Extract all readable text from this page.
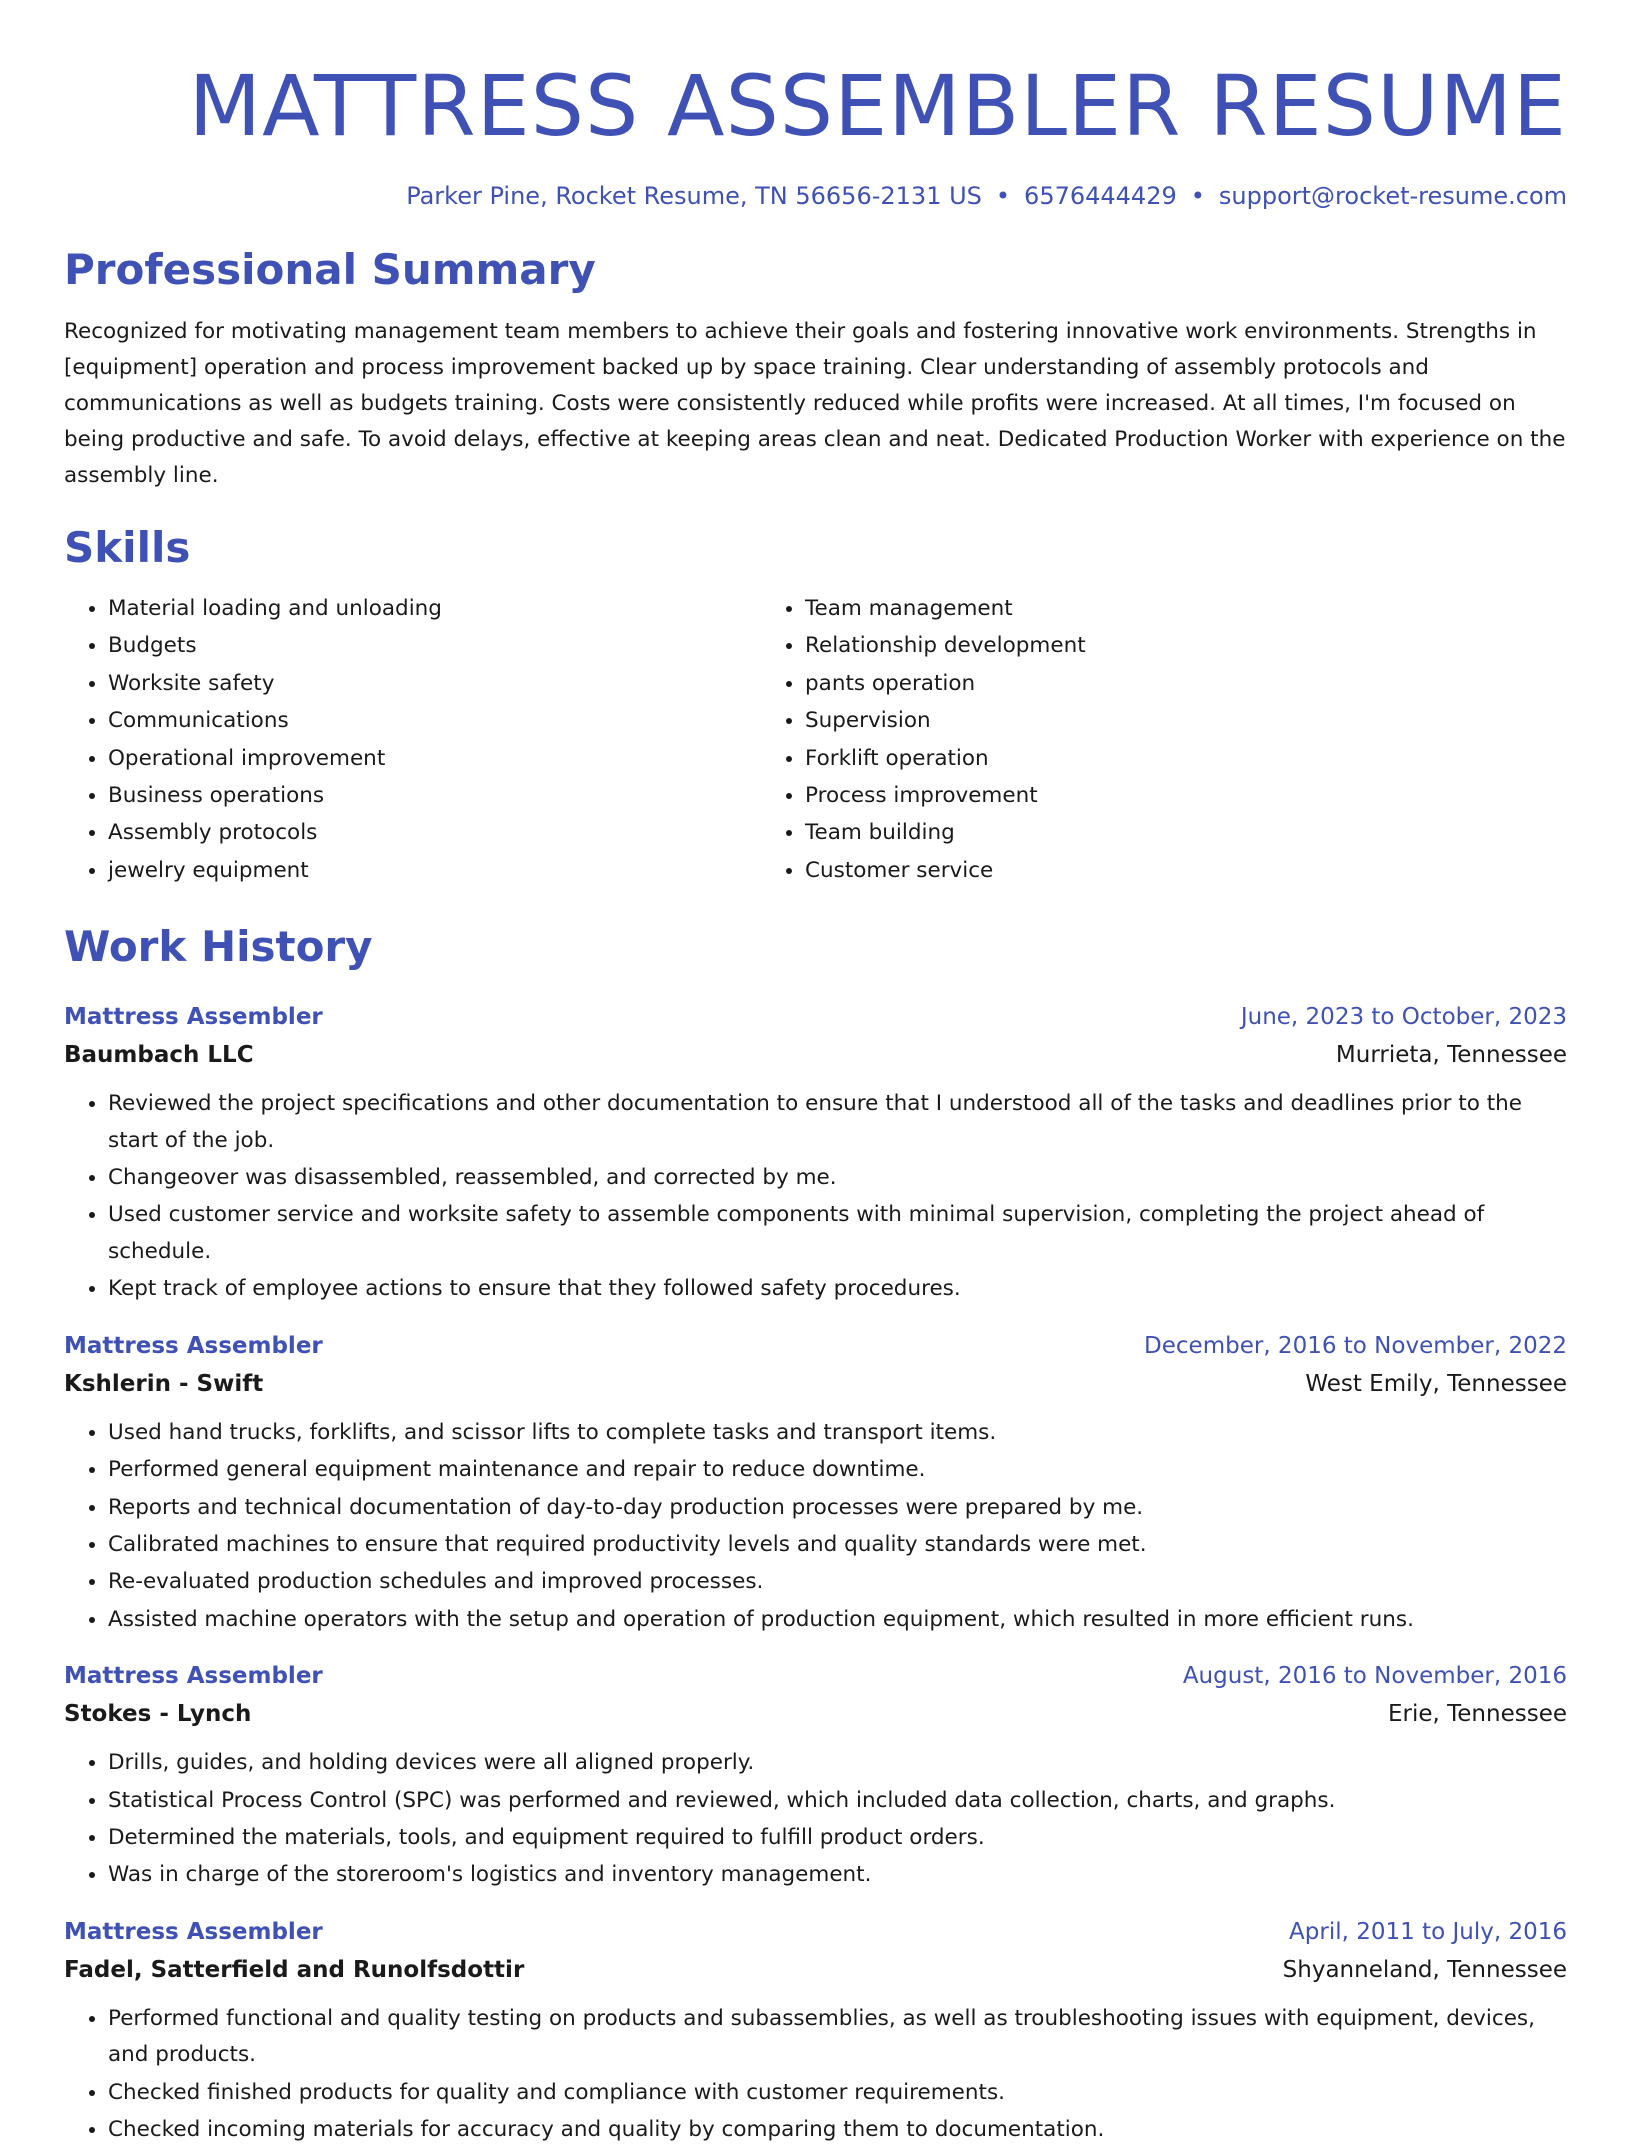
MATTRESS ASSEMBLER RESUME
Parker Pine, Rocket Resume, TN 56656-2131 US • 6576444429 • support@rocket-resume.com
Professional Summary

Recognized for motivating management team members to achieve their goals and fostering innovative work environments. Strengths in [equipment] operation and process improvement backed up by space training. Clear understanding of assembly protocols and communications as well as budgets training. Costs were consistently reduced while profits were increased. At all times, I'm focused on being productive and safe. To avoid delays, effective at keeping areas clean and neat. Dedicated Production Worker with experience on the assembly line.

Skills
• Material loading and unloading
• Budgets
• Worksite safety
• Communications
• Operational improvement
• Business operations
• Assembly protocols
• jewelry equipment
• Team management
• Relationship development
• pants operation
• Supervision
• Forklift operation
• Process improvement
• Team building
• Customer service
Work History
Mattress Assembler	June, 2023 to October, 2023
Baumbach LLC	Murrieta, Tennessee
• Reviewed the project specifications and other documentation to ensure that I understood all of the tasks and deadlines prior to the start of the job.
• Changeover was disassembled, reassembled, and corrected by me.
• Used customer service and worksite safety to assemble components with minimal supervision, completing the project ahead of schedule.
• Kept track of employee actions to ensure that they followed safety procedures.
Mattress Assembler	December, 2016 to November, 2022
Kshlerin - Swift	West Emily, Tennessee
• Used hand trucks, forklifts, and scissor lifts to complete tasks and transport items.
• Performed general equipment maintenance and repair to reduce downtime.
• Reports and technical documentation of day-to-day production processes were prepared by me.
• Calibrated machines to ensure that required productivity levels and quality standards were met.
• Re-evaluated production schedules and improved processes.
• Assisted machine operators with the setup and operation of production equipment, which resulted in more efficient runs.
Mattress Assembler	August, 2016 to November, 2016
Stokes - Lynch	Erie, Tennessee
• Drills, guides, and holding devices were all aligned properly.
• Statistical Process Control (SPC) was performed and reviewed, which included data collection, charts, and graphs.
• Determined the materials, tools, and equipment required to fulfill product orders.
• Was in charge of the storeroom's logistics and inventory management.
Mattress Assembler	April, 2011 to July, 2016
Fadel, Satterfield and Runolfsdottir	Shyanneland, Tennessee
• Performed functional and quality testing on products and subassemblies, as well as troubleshooting issues with equipment, devices, and products.
• Checked finished products for quality and compliance with customer requirements.
• Checked incoming materials for accuracy and quality by comparing them to documentation.
